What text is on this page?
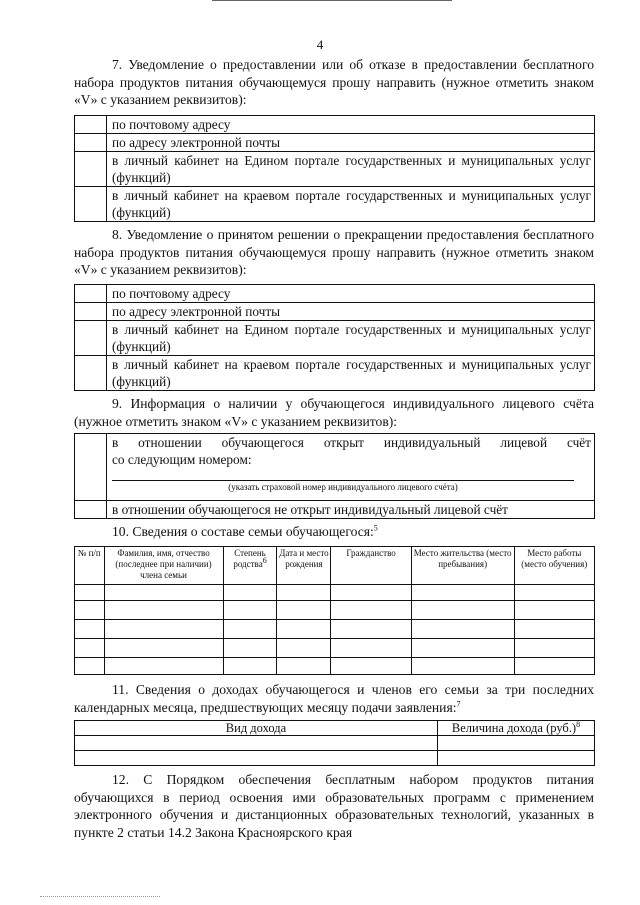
4
7. Уведомление о предоставлении или об отказе в предоставлении бесплатного набора продуктов питания обучающемуся прошу направить (нужное отметить знаком «V» с указанием реквизитов):
	по почтовому адресу
	по адресу электронной почты
	в личный кабинет на Едином портале государственных и муниципальных услуг (функций)
	в личный кабинет на краевом портале государственных и муниципальных услуг (функций)
8. Уведомление о принятом решении о прекращении предоставления бесплатного набора продуктов питания обучающемуся прошу направить (нужное отметить знаком «V» с указанием реквизитов):
	по почтовому адресу
	по адресу электронной почты
	в личный кабинет на Едином портале государственных и муниципальных услуг (функций)
	в личный кабинет на краевом портале государственных и муниципальных услуг (функций)
9. Информация о наличии у обучающегося индивидуального лицевого счёта (нужное отметить знаком «V» с указанием реквизитов):

	в отношении обучающегося открыт индивидуальный лицевой счёт
со следующим номером:
(указать страховой номер индивидуального лицевого счёта)

	в отношении обучающегося не открыт индивидуальный лицевой счёт
10. Сведения о составе семьи обучающегося:$^5$
№ п/п	Фамилия, имя, отчество (последнее при наличии) члена семьи	Степень родства$^6$	Дата и место рождения	Гражданство	Место жительства (место пребывания)	Место работы (место обучения)

11. Сведения о доходах обучающегося и членов его семьи за три последних календарных месяца, предшествующих месяцу подачи заявления:$^7$
Вид дохода	Величина дохода $(руб.)^8$

12. С Порядком обеспечения бесплатным набором продуктов питания обучающихся в период освоения ими образовательных программ с применением электронного обучения и дистанционных образовательных технологий, указанных в пункте 2 статьи 14.2 Закона Красноярского края
